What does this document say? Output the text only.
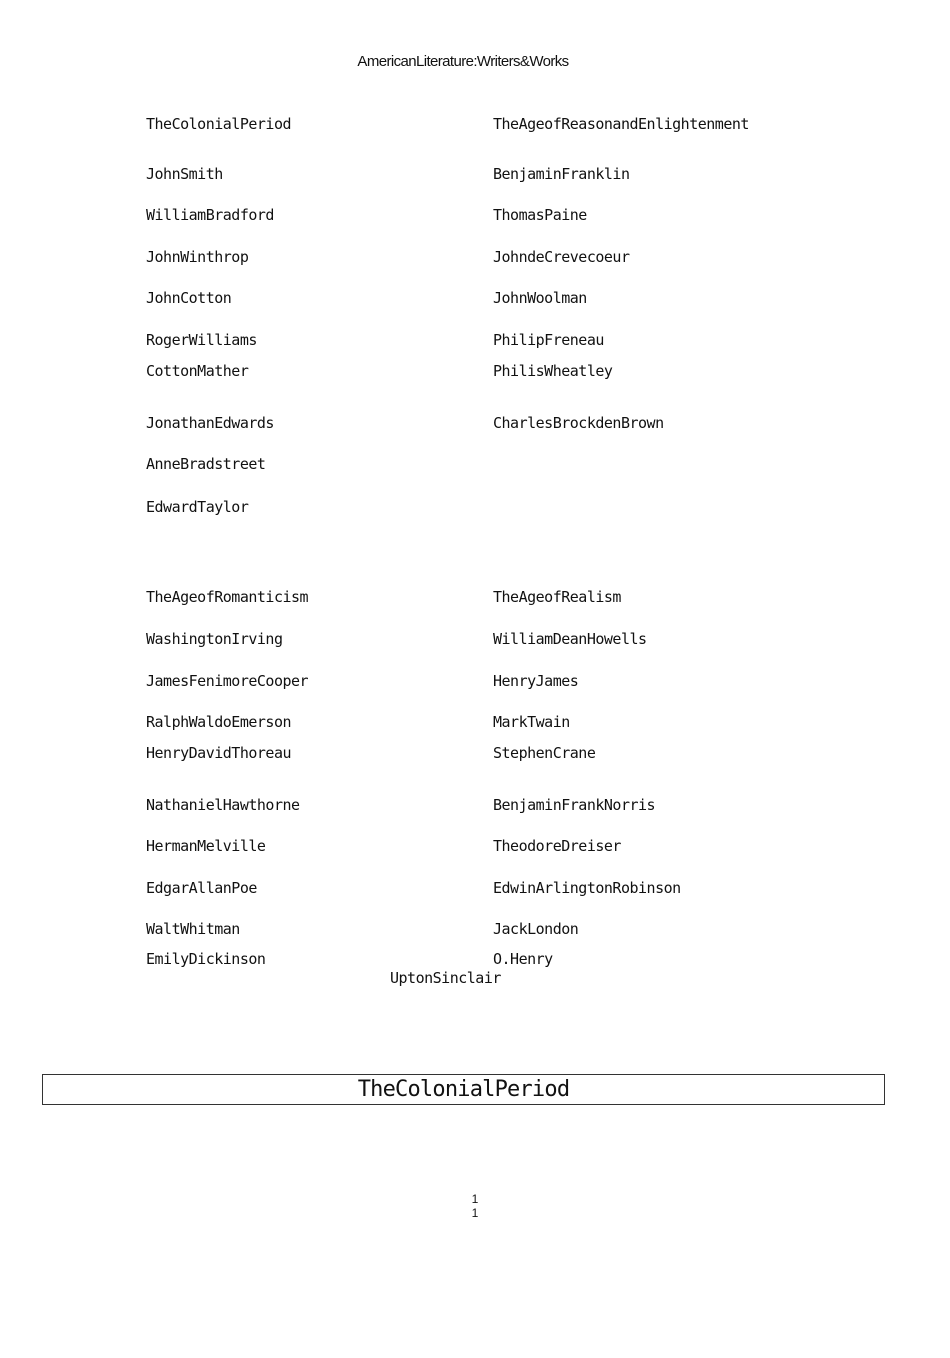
AmericanLiterature:Writers&Works
TheColonialPeriod
JohnSmith
WilliamBradford
JohnWinthrop
JohnCotton
RogerWilliams
CottonMather
JonathanEdwards
AnneBradstreet
EdwardTaylor
TheAgeofReasonandEnlightenment
BenjaminFranklin
ThomasPaine
JohndeCrevecoeur
JohnWoolman
PhilipFreneau
PhilisWheatley
CharlesBrockdenBrown
TheAgeofRomanticism
WashingtonIrving
JamesFenimoreCooper
RalphWaldoEmerson
HenryDavidThoreau
NathanielHawthorne
HermanMelville
EdgarAllanPoe
WaltWhitman
EmilyDickinson
TheAgeofRealism
WilliamDeanHowells
HenryJames
MarkTwain
StephenCrane
BenjaminFrankNorris
TheodoreDreiser
EdwinArlingtonRobinson
JackLondon
O.Henry
UptonSinclair
TheColonialPeriod
1
1
